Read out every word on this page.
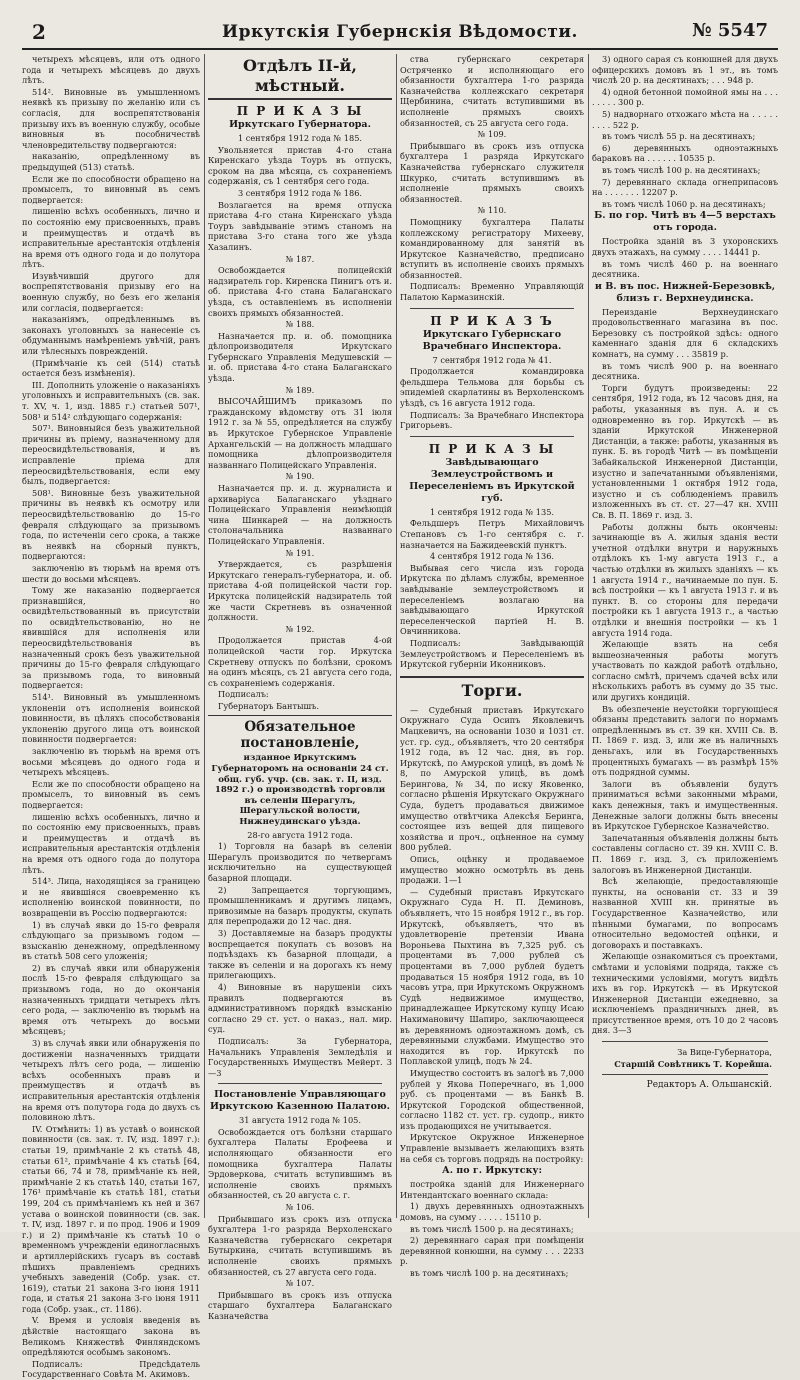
2	Иркутскія Губернскія Вѣдомости.	№ 5547

четырехъ мѣсяцевъ, или отъ одного года и четырехъ мѣсяцевъ до двухъ лѣтъ.

514². Виновные въ умышленномъ неявкѣ къ призыву по желанію или съ согласія, для воспрепятствованія призыву ихъ въ военную службу, особые виновныя въ пособничествѣ членовредительству подвергаются:

наказанію, опредѣленному въ предыдущей (513) статьѣ.

Если же по способности обращено на промыселъ, то виновный въ семъ подвергается:

лишенію всѣхъ особенныхъ, лично и по состоянію ему присвоенныхъ, правъ и преимуществъ и отдачѣ въ исправительные арестантскія отдѣленія на время отъ одного года и до полутора лѣтъ.

Изувѣчившій другого для воспрепятствованія призыву его на военную службу, но безъ его желанія или согласія, подвергается:

наказаніямъ, опредѣленнымъ въ законахъ уголовныхъ за нанесеніе съ обдуманнымъ намѣреніемъ увѣчій, ранъ или тѣлесныхъ поврежденій.

(Примѣчаніе къ сей (514) статьѣ остается безъ измѣненія).

III. Дополнить уложеніе о наказаніяхъ уголовныхъ и исправительныхъ (св. зак. т. XV, ч. 1, изд. 1885 г.) статьей 507¹, 508¹ и 514² слѣдующаго содержанія:

507¹. Виновныйся безъ уважительной причины въ пріему, назначенному для переосвидѣтельствованія, и въ исправленіе пріема для переосвидѣтельствованія, если ему былъ, подвергается:

508¹. Виновные безъ уважительной причины въ неявкѣ къ осмотру или переосвидѣтельствованію до 15-го февраля слѣдующаго за призывомъ года, по истеченіи сего срока, а также въ неявкѣ на сборный пунктъ, подвергаются:

заключенію въ тюрьмѣ на время отъ шести до восьми мѣсяцевъ.

Тому же наказанію подвергается признавшійся, но освидѣтельствованный въ присутствіи по освидѣтельствованію, но не явившійся для исполненія или переосвидѣтельствованія въ назначенный срокъ безъ уважительной причины до 15-го февраля слѣдующаго за призывомъ года, то виновный подвергается:

514¹. Виновный въ умышленномъ уклоненіи отъ исполненія воинской повинности, въ цѣляхъ способствованія уклоненію другого лица отъ воинской повинности подвергается:

заключенію въ тюрьмѣ на время отъ восьми мѣсяцевъ до одного года и четырехъ мѣсяцевъ.

Если же по способности обращено на промыселъ, то виновный въ семъ подвергается:

лишенію всѣхъ особенныхъ, лично и по состоянію ему присвоенныхъ, правъ и преимуществъ и отдачѣ въ исправительныя арестантскія отдѣленія на время отъ одного года до полутора лѣтъ.

514³. Лица, находящіяся за границею и не явившіяся своевременно къ исполненію воинской повинности, по возвращеніи въ Россію подвергаются:

1) въ случаѣ явки до 15-го февраля слѣдующаго за призывомъ годом — взысканію денежному, опредѣленному въ статьѣ 508 сего уложенія;

2) въ случаѣ явки или обнаруженія послѣ 15-го февраля слѣдующаго за призывомъ года, но до окончанія назначенныхъ тридцати четырехъ лѣтъ сего рода, — заключенію въ тюрьмѣ на время отъ четырехъ до восьми мѣсяцевъ;

3) въ случаѣ явки или обнаруженія по достиженіи назначенныхъ тридцати четырехъ лѣтъ сего рода, — лишенію всѣхъ особенныхъ правъ и преимуществъ и отдачѣ въ исправительныя арестантскія отдѣленія на время отъ полутора года до двухъ съ половиною лѣтъ.

IV. Отмѣнить: 1) въ уставѣ о воинской повинности (св. зак. т. IV, изд. 1897 г.): статьи 19, примѣчаніе 2 къ статьѣ 48, статьи 61², примѣчаніе 4 къ статьѣ [64, статьи 66, 74 и 78, примѣчаніе къ ней, примѣчаніе 2 къ статьѣ 140, статьи 167, 176¹ примѣчаніе къ статьѣ 181, статьи 199, 204 съ примѣчаніемъ къ ней и 367 устава о воинской повинности (св. зак. т. IV, изд. 1897 г. и по прод. 1906 и 1909 г.) и 2) примѣчаніе къ статьѣ 10 о временномъ учрежденіи единогласныхъ и артиллерійскихъ гусаръ въ составѣ пѣшихъ правленіемъ среднихъ учебныхъ заведеній (Собр. узак. ст. 1619), статьи 21 закона 3-го іюня 1911 года, и статья 21 закона 3-го іюня 1911 года (Собр. узак., ст. 1186).

V. Время и условія введенія въ дѣйствіе настоящаго закона въ Великомъ Княжествѣ Финляндскомъ опредѣляются особымъ закономъ.

Подписалъ: Предсѣдатель Государственнаго Совѣта М. Акимовъ.

Отдѣлъ II-й, мѣстный.
П Р И К А З Ы
Иркутскаго Губернатора.

1 сентября 1912 года № 185.

Увольняется пристав 4-го стана Киренскаго уѣзда Тоуръ въ отпускъ, сроком на два мѣсяца, съ сохраненіемъ содержанія, съ 1 сентября сего года.

3 сентября 1912 года № 186.

Возлагается на время отпуска пристава 4-го стана Киренскаго уѣзда Тоуръ завѣдываніе этимъ станомъ на пристава 3-го стана того же уѣзда Хазалинъ.

№ 187.

Освобождается полицейскій надзиратель гор. Киренска Пинигъ отъ и. об. пристава 4-го стана Балаганскаго уѣзда, съ оставленіемъ въ исполненіи своихъ прямыхъ обязанностей.

№ 188.

Назначается пр. и. об. помощника дѣлопроизводителя Иркутскаго Губернскаго Управленія Медушевскій — и. об. пристава 4-го стана Балаганскаго уѣзда.

№ 189.

ВЫСОЧАЙШИМЪ приказомъ по гражданскому вѣдомству отъ 31 іюля 1912 г. за № 55, опредѣляется на службу въ Иркутское Губернское Управленіе Архангельскій — на должность младшаго помощника дѣлопроизводителя названнаго Полицейскаго Управленія.

№ 190.

Назначается пр. и. д. журналиста и архиваріуса Балаганскаго уѣзднаго Полицейскаго Управленія неимѣющій чина Шинкарей — на должность столоначальника названнаго Полицейскаго Управленія.

№ 191.

Утверждается, съ разрѣшенія Иркутскаго генералъ-губернатора, и. об. пристава 4-ой полицейской части гор. Иркутска полицейскій надзиратель той же части Скретневъ въ означенной должности.

№ 192.

Продолжается пристав 4-ой полицейской части гор. Иркутска Скретневу отпускъ по болѣзни, срокомъ на одинъ мѣсяцъ, съ 21 августа сего года, съ сохраненіемъ содержанія.

Подписалъ:

Губернаторъ Бантышъ.

Обязательное постановленіе,
изданное Иркутскимъ Губернаторомъ на основаніи 24 ст. общ. губ. учр. (св. зак. т. II, изд. 1892 г.) о производствѣ торговли въ селеніи Шерагулъ, Шерагульской волости, Нижнеудинскаго уѣзда.
28-го августа 1912 года.

1) Торговля на базарѣ въ селеніи Шерагулъ производится по четвергамъ исключительно на существующей базарной площади.

2) Запрещается торгующимъ, промышленникамъ и другимъ лицамъ, привозимые на базаръ продукты, скупать для перепродажи до 12 час. дня.

3) Доставляемые на базаръ продукты воспрещается покупать съ возовъ на подъѣздахъ къ базарной площади, а также въ селеніи и на дорогахъ къ нему прилегающихъ.

4) Виновные въ нарушеніи сихъ правилъ подвергаются въ административномъ порядкѣ взысканію согласно 29 ст. уст. о наказ., нал. мир. суд.

Подписалъ: За Губернатора, Начальникъ Управленія Земледѣлія и Государственныхъ Имуществъ Мейерт. 3—3

Постановленіе Управляющаго Иркутскою Казенною Палатою.

31 августа 1912 года № 105.

Освобождается отъ болѣзни старшаго бухгалтера Палаты Ерофеева и исполняющаго обязанности его помощника бухгалтера Палаты Эрдоверкова, считать вступившимъ въ исполненіе своихъ прямыхъ обязанностей, съ 20 августа с. г.

№ 106.

Прибывшаго изъ срокъ изъ отпуска бухгалтера 1-го разряда Верхоленскаго Казначейства губернскаго секретаря Бутыркина, считать вступившимъ въ исполненіе своихъ прямыхъ обязанностей, съ 27 августа сего года.

№ 107.

Прибывшаго въ срокъ изъ отпуска старшаго бухгалтера Балаганскаго Казначейства

ства губернскаго секретаря Остряченко и исполняющаго его обязанности бухгалтера 1-го разряда Казначейства коллежскаго секретаря Щербинина, считать вступившими въ исполненіе прямыхъ своихъ обязанностей, съ 25 августа сего года.

№ 109.

Прибывшаго въ срокъ изъ отпуска бухгалтера 1 разряда Иркутскаго Казначейства губернскаго служителя Шкурко, считать вступившимъ въ исполненіе прямыхъ своихъ обязанностей.

№ 110.

Помощнику бухгалтера Палаты коллежскому регистратору Михееву, командированному для занятій въ Иркутское Казначейство, предписано вступить въ исполненіе своихъ прямыхъ обязанностей.

Подписалъ: Временно Управляющій Палатою Кармазинскій.

П Р И К А З Ъ
Иркутскаго Губернскаго Врачебнаго Инспектора.

7 сентября 1912 года № 41.

Продолжается командировка фельдшера Тельмова для борьбы съ эпидеміей скарлатины въ Верхоленскомъ уѣздѣ, съ 16 августа 1912 года.

Подписалъ: За Врачебнаго Инспектора Григорьевъ.

П Р И К А З Ы
Завѣдывающаго Землеустройствомъ и Переселеніемъ въ Иркутской губ.

1 сентября 1912 года № 135.

Фельдшеръ Петръ Михайловичъ Степановъ съ 1-го сентября с. г. назначается на Бажидеевскій пунктъ.

4 сентября 1912 года № 136.

Выбывая сего числа изъ города Иркутска по дѣламъ службы, временное завѣдываніе землеустройствомъ и переселеніемъ возлагаю на завѣдывающаго Иркутской переселенческой партіей Н. В. Овчинникова.

Подписалъ: Завѣдывающій Землеустройствомъ и Переселеніемъ въ Иркутской губерніи Иконниковъ.

Торги.

— Судебный приставъ Иркутскаго Окружнаго Суда Осипъ Яковлевичъ Мацкевичъ, на основаніи 1030 и 1031 ст. уст. гр. суд., объявляетъ, что 20 сентября 1912 года, въ 12 час. дня, въ гор. Иркутскѣ, по Амурской улицѣ, въ домѣ № 8, по Амурской улицѣ, въ домѣ Берингова, № 34, по иску Яковенко, согласно рѣшенія Иркутскаго Окружнаго Суда, будетъ продаваться движимое имущество отвѣтчика Алексѣя Беринга, состоящее изъ вещей для пищевого хозяйства и проч., оцѣненное на сумму 800 рублей.

Опись, оцѣнку и продаваемое имущество можно осмотрѣть въ день продажи. 1—1

— Судебный приставъ Иркутскаго Окружнаго Суда Н. П. Деминовъ, объявляетъ, что 15 ноября 1912 г., въ гор. Иркутскѣ, объявляетъ, что въ удовлетвореніе претензіи Ивана Вороньева Пыхтина въ 7,325 руб. съ процентами въ 7,000 рублей съ процентами въ 7,000 рублей будетъ продаваться 15 ноября 1912 года, въ 10 часовъ утра, при Иркутскомъ Окружномъ Судѣ недвижимое имущество, принадлежащее Иркутскому купцу Исаю Нахимановичу Шапиро, заключающееся въ деревянномъ одноэтажномъ домѣ, съ деревянными службами. Имущество это находится въ гор. Иркутскѣ по Поплавской улицѣ, подъ № 24.

Имущество состоитъ въ залогѣ въ 7,000 рублей у Якова Поперечнаго, въ 1,000 руб. съ процентами — въ Банкѣ В. Иркутской Городской общественной, согласно 1182 ст. уст. гр. судопр., никто изъ продающихся не учитывается.

Иркутское Окружное Инженерное Управленіе вызываетъ желающихъ взять на себя съ торговъ подрядъ на постройку:

А. по г. Иркутску:

постройка зданій для Инженернаго Интендантскаго военнаго склада:

1) двухъ деревянныхъ одноэтажныхъ домовъ, на сумму . . . . . 15110 р.

въ томъ числѣ 1500 р. на десятинахъ;

2) деревяннаго сарая при помѣщеніи деревянной конюшни, на сумму . . . 2233 р.

въ томъ числѣ 100 р. на десятинахъ;

3) одного сарая съ конюшней для двухъ офицерскихъ домовъ въ 1 эт., въ томъ числѣ 20 р. на десятинахъ; . . . 948 р.

4) одной бетонной помойной ямы на . . . . . . . . 300 р.

5) надворнаго отхожаго мѣста на . . . . . . . . . 522 р.

въ томъ числѣ 55 р. на десятинахъ;

6) деревянныхъ одноэтажныхъ бараковъ на . . . . . . 10535 р.

въ томъ числѣ 100 р. на десятинахъ;

7) деревяннаго склада огнеприпасовъ на . . . . . . . 12207 р.

въ томъ числѣ 1060 р. на десятинахъ;

Б. по гор. Читѣ въ 4—5 верстахъ отъ города.

Постройка зданій въ 3 ухоронскихъ двухъ этажахъ, на сумму . . . . 14441 р.

въ томъ числѣ 460 р. на военнаго десятника.

и В. въ пос. Нижней-Березовкѣ, близъ г. Верхнеудинска.

Переизданіе Верхнеудинскаго продовольственнаго магазина въ пос. Березовку съ постройкой здѣсь: одного каменнаго зданія для 6 складскихъ комнатъ, на сумму . . . 35819 р.

въ томъ числѣ 900 р. на военнаго десятника.

Торги будутъ произведены: 22 сентября, 1912 года, въ 12 часовъ дня, на работы, указанныя въ пун. А. и съ одновременно въ гор. Иркутскѣ — въ зданіи Иркутской Инженерной Дистанціи, а также: работы, указанныя въ пунк. Б. въ городѣ Читѣ — въ помѣщеніи Забайкальской Инженерной Дистанціи, изустно и запечатанными объявленіями, установленными 1 октября 1912 года, изустно и съ соблюденіемъ правилъ изложенныхъ въ ст. ст. 27—47 кн. XVIII Св. В. П. 1869 г. изд. 3.

Работы должны быть окончены: зачинающіе въ А. жилыя зданія вести учетной отдѣлки внутри и наружныхъ отдѣлокъ къ 1-му августа 1913 г., а частью отдѣлки въ жилыхъ зданіяхъ — къ 1 августа 1914 г., начинаемые по пун. Б. всѣ постройки — къ 1 августа 1913 г. и въ пункт. В. со стороны для передачи постройки къ 1 августа 1913 г., а частью отдѣлки и внешнія постройки — къ 1 августа 1914 года.

Желающіе взять на себя вышеозначенныя работы могутъ участвовать по каждой работѣ отдѣльно, согласно смѣтѣ, причемъ сдачей всѣх или нѣсколькихъ работъ въ сумму до 35 тыс. или другихъ кондицій.

Въ обезпеченіе неустойки торгующіеся обязаны представить залоги по нормамъ опредѣленнымъ въ ст. 39 кн. XVIII Св. В. П. 1869 г. изд. 3, или же въ наличныхъ деньгахъ, или въ Государственныхъ процентныхъ бумагахъ — въ размѣрѣ 15% отъ подрядной суммы.

Залоги въ объявленіи будутъ приниматься всѣми законными мѣрами, какъ денежныя, такъ и имущественныя. Денежные залоги должны быть внесены въ Иркутское Губернское Казначейство.

Запечатанныя объявленія должны быть составлены согласно ст. 39 кн. XVIII С. В. П. 1869 г. изд. 3, съ приложеніемъ залоговъ въ Инженерной Дистанціи.

Всѣ желающіе, предоставляющіе пункты, на основаніи ст. 33 и 39 названной XVIII кн. принятые въ Государственное Казначейство, или пѣнными бумагами, по вопросамъ относительно ведомостей оцѣнки, и договорахъ и поставкахъ.

Желающіе ознакомиться съ проектами, смѣтами и условіями подряда, также съ техническими условіями, могутъ видѣть ихъ въ гор. Иркутскѣ — въ Иркутской Инженерной Дистанціи ежедневно, за исключеніемъ праздничныхъ дней, въ присутственное время, отъ 10 до 2 часовъ дня. 3—3

За Вице-Губернатора,

Старшій Совѣтникъ Т. Корейша.

Редакторъ А. Ольшанскій.
